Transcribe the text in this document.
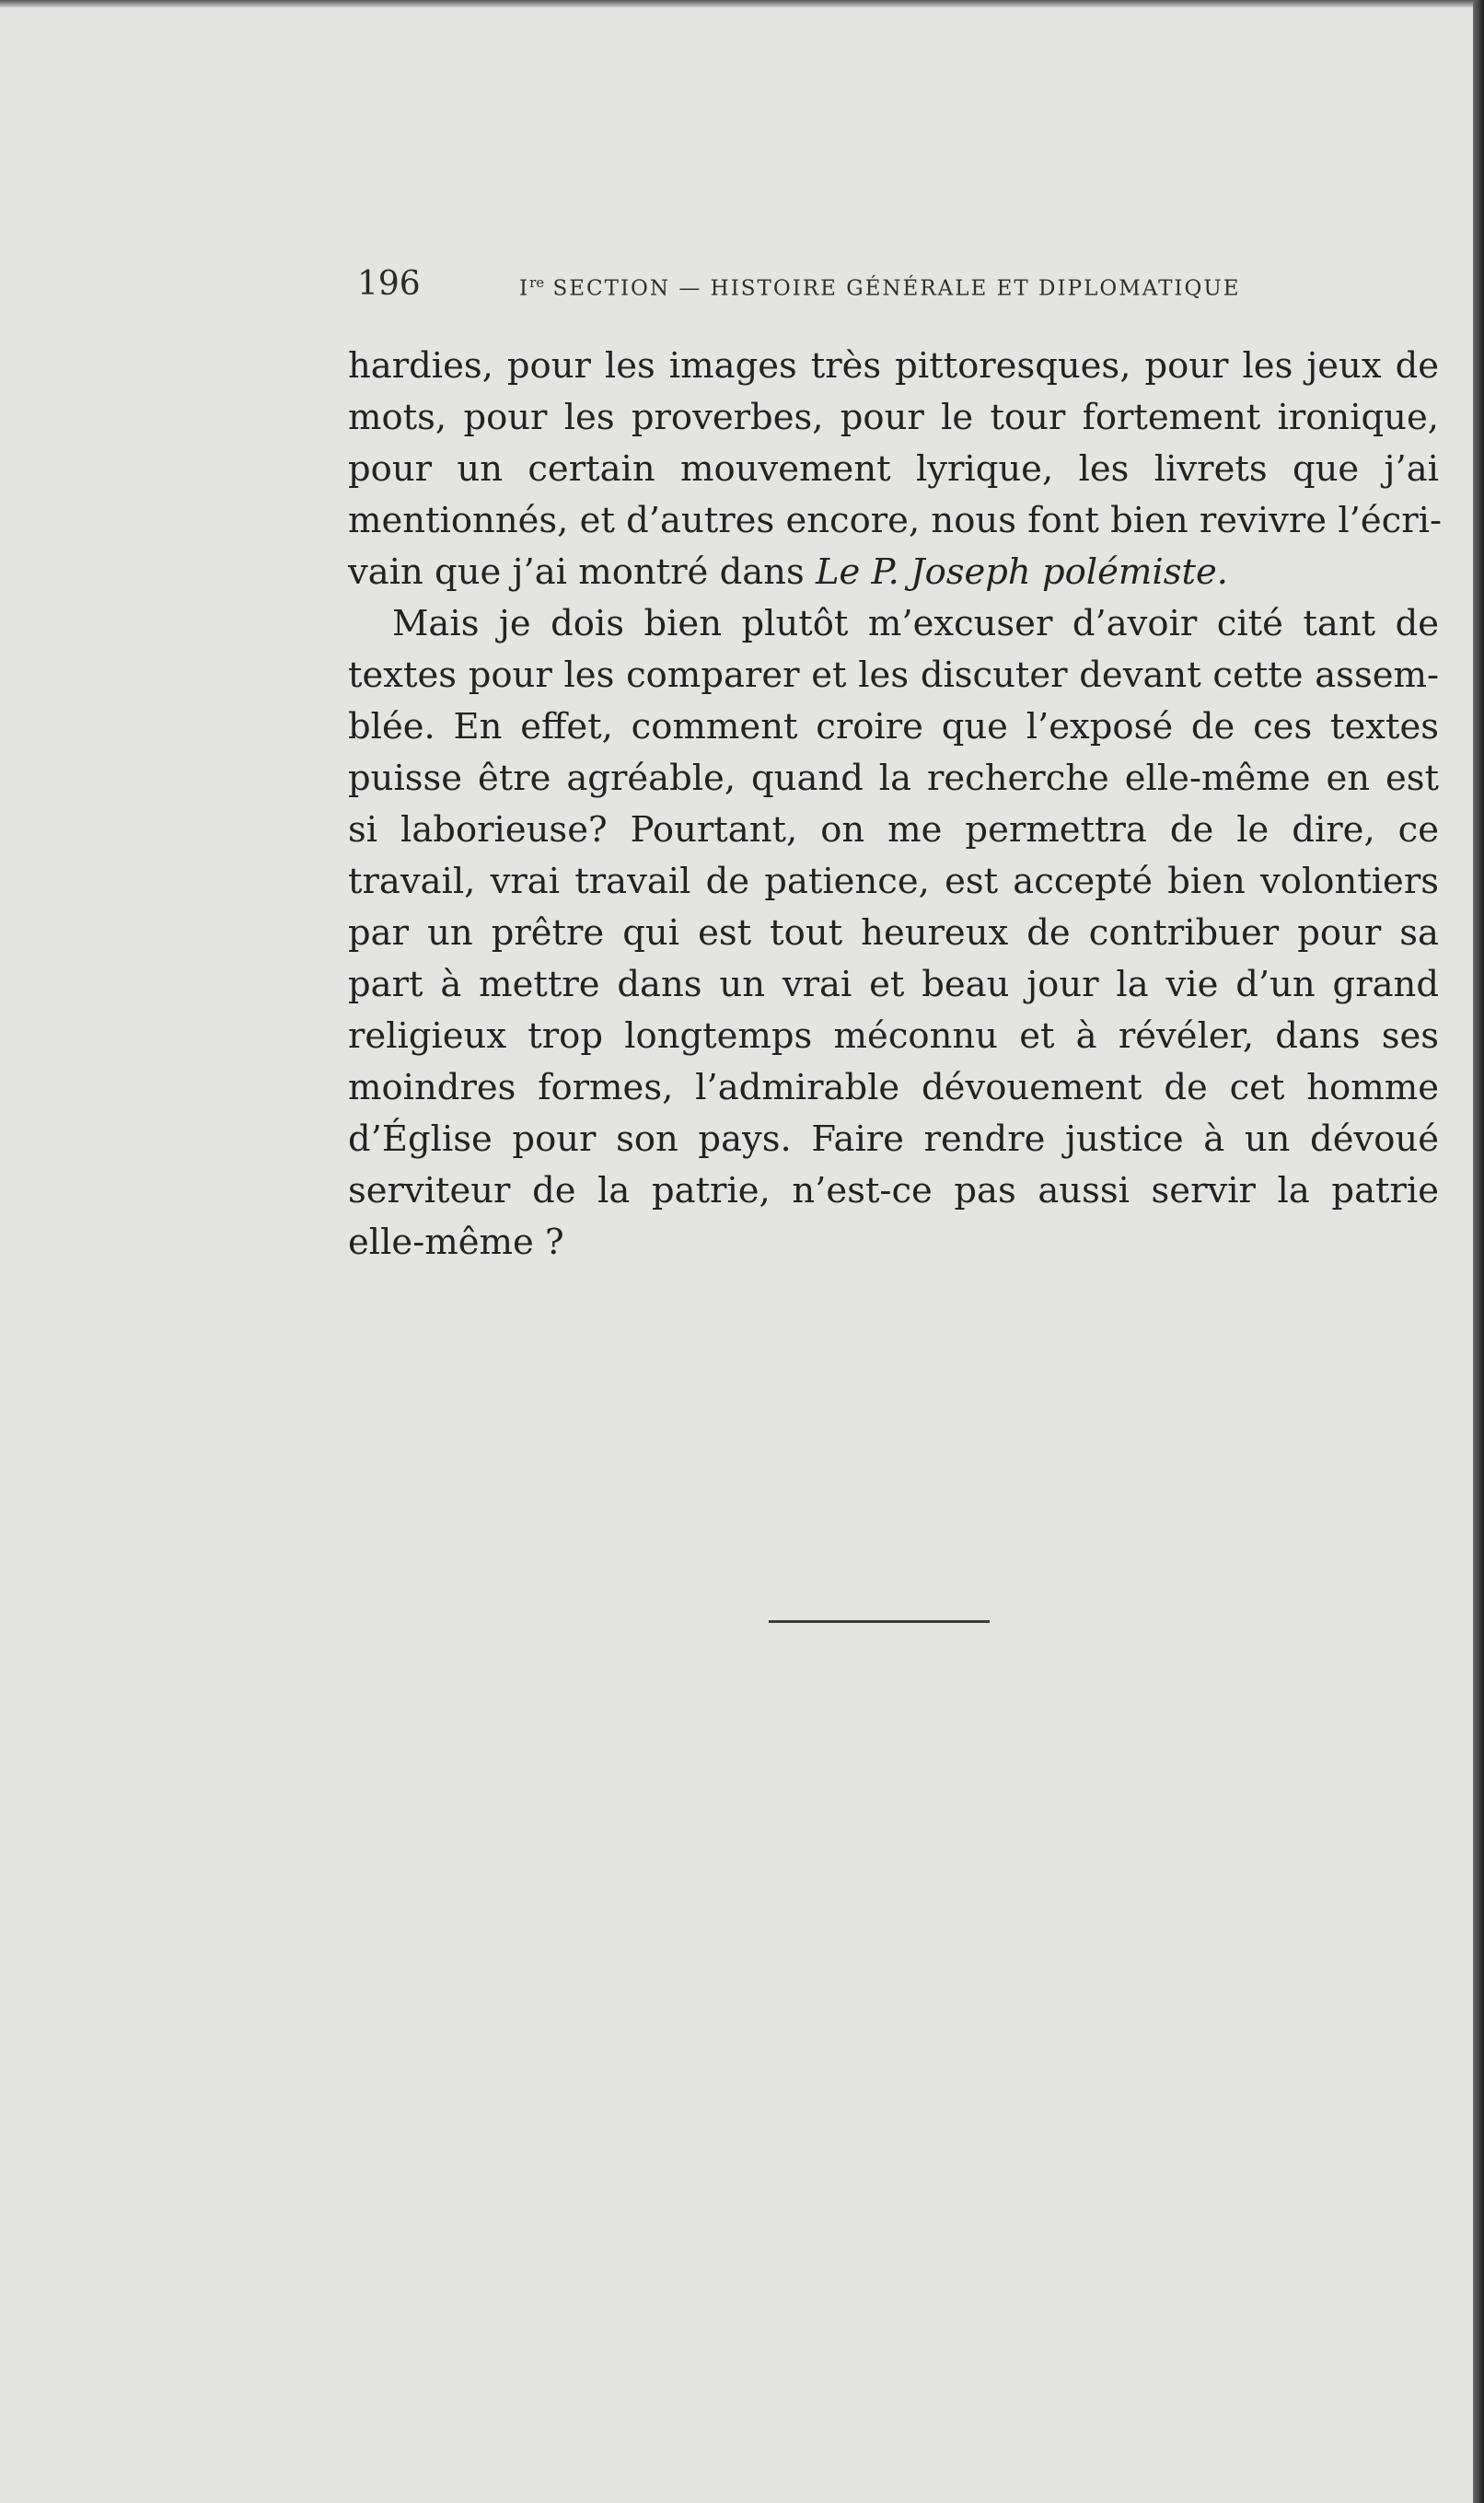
196	Ire SECTION — HISTOIRE GÉNÉRALE ET DIPLOMATIQUE
hardies, pour les images très pittoresques, pour les jeux de
mots, pour les proverbes, pour le tour fortement ironique,
pour un certain mouvement lyrique, les livrets que j’ai
mentionnés, et d’autres encore, nous font bien revivre l’écri-
vain que j’ai montré dans Le P. Joseph polémiste.
Mais je dois bien plutôt m’excuser d’avoir cité tant de
textes pour les comparer et les discuter devant cette assem-
blée. En effet, comment croire que l’exposé de ces textes
puisse être agréable, quand la recherche elle-même en est
si laborieuse? Pourtant, on me permettra de le dire, ce
travail, vrai travail de patience, est accepté bien volontiers
par un prêtre qui est tout heureux de contribuer pour sa
part à mettre dans un vrai et beau jour la vie d’un grand
religieux trop longtemps méconnu et à révéler, dans ses
moindres formes, l’admirable dévouement de cet homme
d’Église pour son pays. Faire rendre justice à un dévoué
serviteur de la patrie, n’est-ce pas aussi servir la patrie
elle-même ?
